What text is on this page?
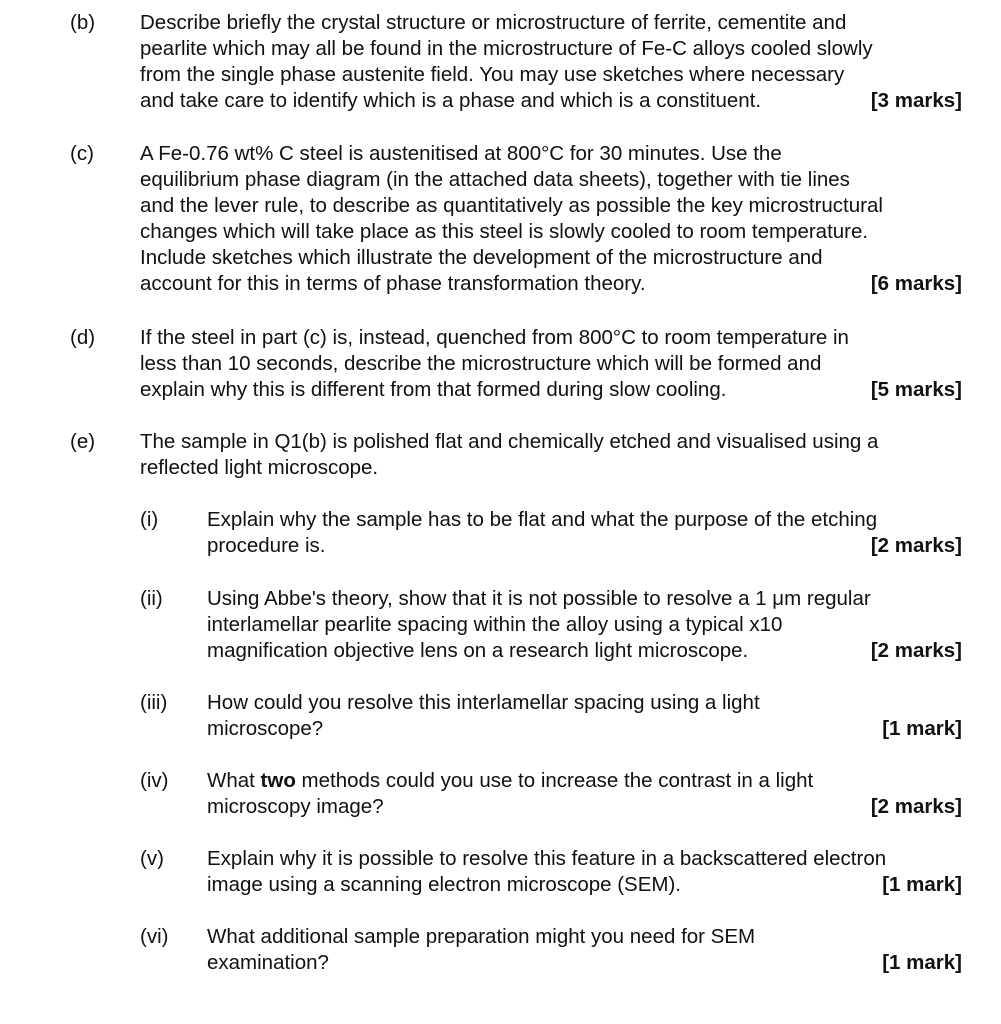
(b) Describe briefly the crystal structure or microstructure of ferrite, cementite and
pearlite which may all be found in the microstructure of Fe-C alloys cooled slowly
from the single phase austenite field. You may use sketches where necessary
and take care to identify which is a phase and which is a constituent.	[3 marks]
(c) A Fe-0.76 wt% C steel is austenitised at 800°C for 30 minutes. Use the
equilibrium phase diagram (in the attached data sheets), together with tie lines
and the lever rule, to describe as quantitatively as possible the key microstructural
changes which will take place as this steel is slowly cooled to room temperature.
Include sketches which illustrate the development of the microstructure and
account for this in terms of phase transformation theory.	[6 marks]
(d) If the steel in part (c) is, instead, quenched from 800°C to room temperature in
less than 10 seconds, describe the microstructure which will be formed and
explain why this is different from that formed during slow cooling.	[5 marks]
(e) The sample in Q1(b) is polished flat and chemically etched and visualised using a
reflected light microscope.
(i) Explain why the sample has to be flat and what the purpose of the etching
procedure is.	[2 marks]
(ii) Using Abbe's theory, show that it is not possible to resolve a 1 μm regular
interlamellar pearlite spacing within the alloy using a typical x10
magnification objective lens on a research light microscope.	[2 marks]
(iii) How could you resolve this interlamellar spacing using a light
microscope?	[1 mark]
(iv) What two methods could you use to increase the contrast in a light
microscopy image?	[2 marks]
(v) Explain why it is possible to resolve this feature in a backscattered electron
image using a scanning electron microscope (SEM).	[1 mark]
(vi) What additional sample preparation might you need for SEM
examination?	[1 mark]
